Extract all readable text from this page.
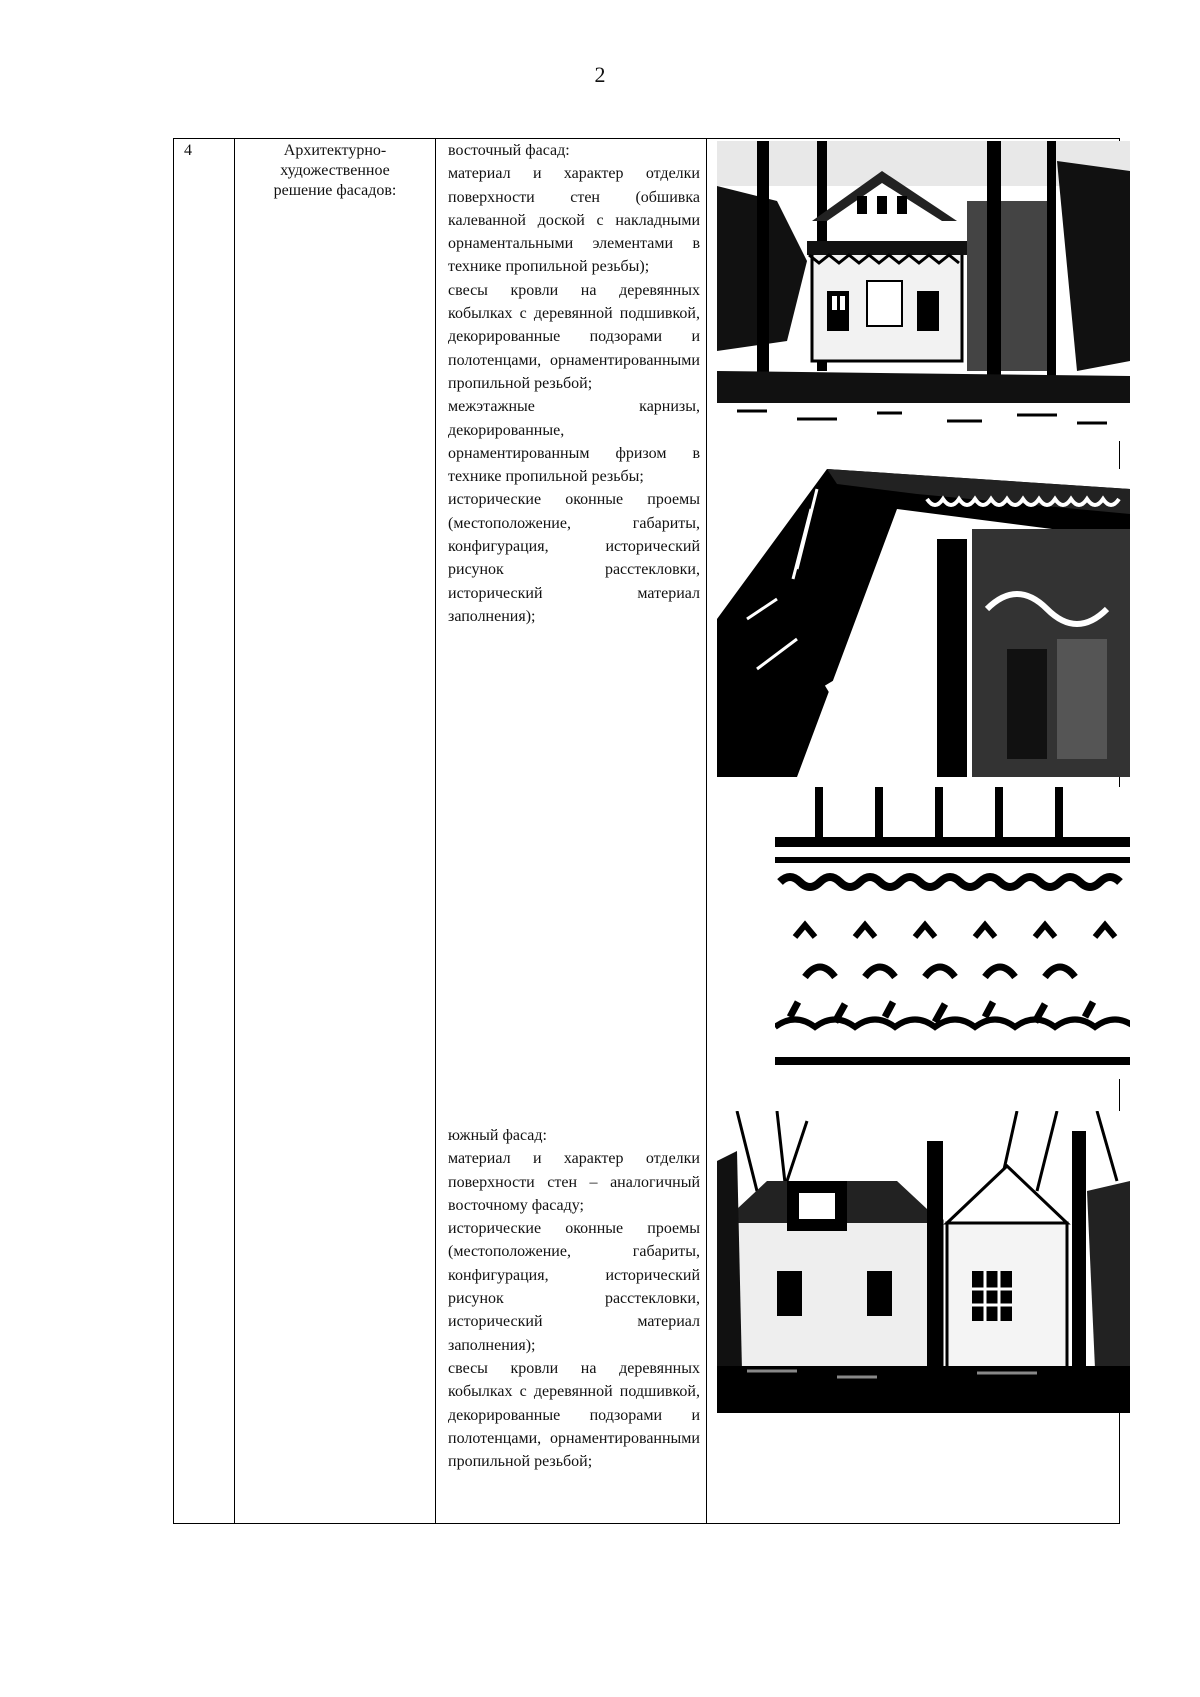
2
4	Архитектурно-
художественное
решение фасадов:

восточный фасад:
материал и характер отделки поверхности стен (обшивка калеванной доской с накладными орнаментальными элементами в технике пропильной резьбы);
свесы кровли на деревянных кобылках с деревянной подшивкой, декорированные подзорами и полотенцами, орнаментированными пропильной резьбой;
межэтажные карнизы, декорированные, орнаментированным фризом в технике пропильной резьбы;
исторические оконные проемы (местоположение, габариты, конфигурация, исторический рисунок расстекловки, исторический материал заполнения);
южный фасад:
материал и характер отделки поверхности стен – аналогичный восточному фасаду;
исторические оконные проемы (местоположение, габариты, конфигурация, исторический рисунок расстекловки, исторический материал заполнения);
свесы кровли на деревянных кобылках с деревянной подшивкой, декорированные подзорами и полотенцами, орнаментированными пропильной резьбой;
